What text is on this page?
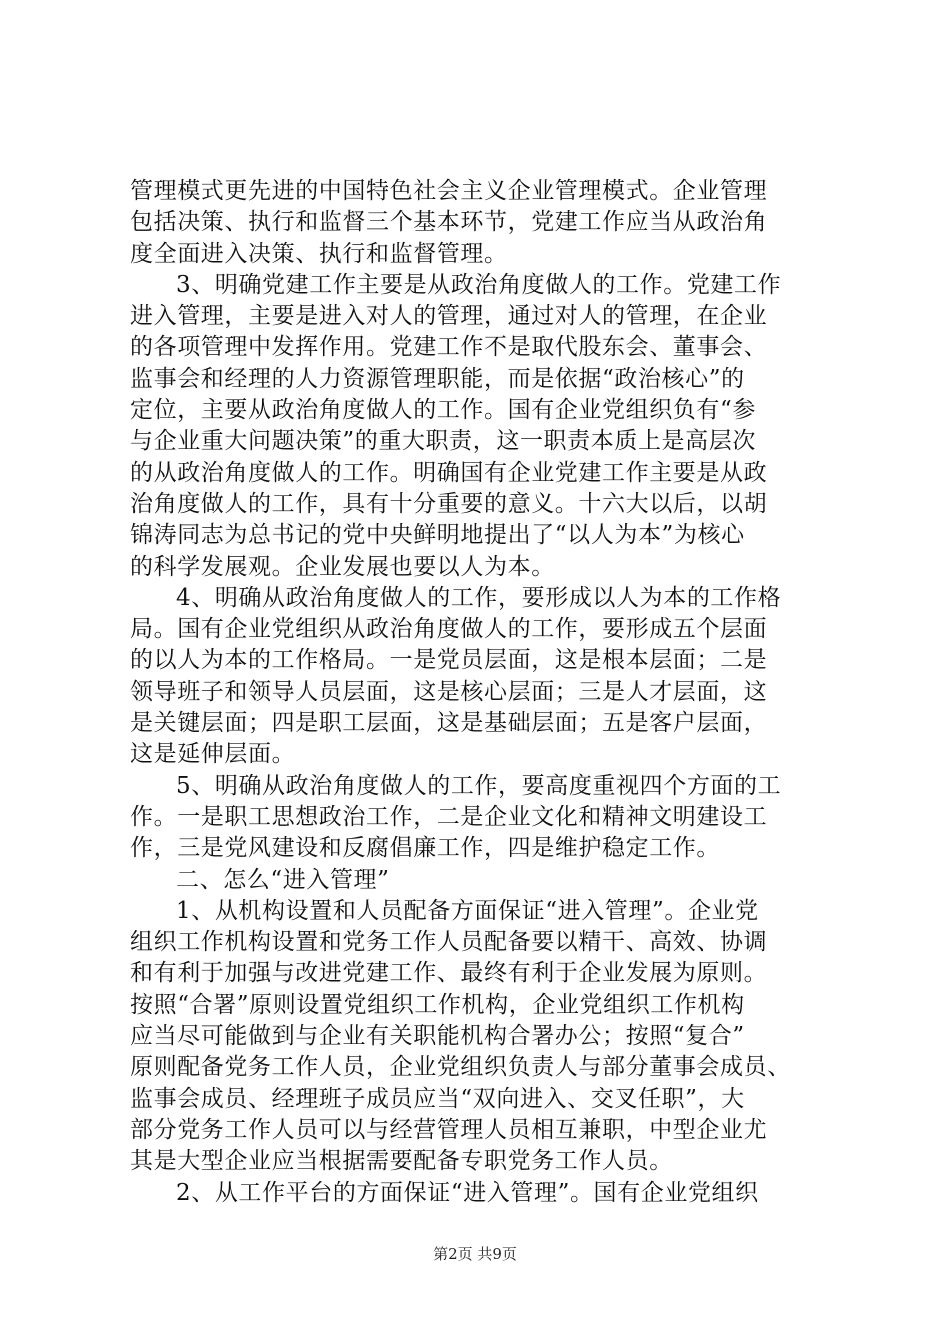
管理模式更先进的中国特色社会主义企业管理模式。企业管理
包括决策、执行和监督三个基本环节，党建工作应当从政治角
度全面进入决策、执行和监督管理。
3、明确党建工作主要是从政治角度做人的工作。党建工作
进入管理，主要是进入对人的管理，通过对人的管理，在企业
的各项管理中发挥作用。党建工作不是取代股东会、董事会、
监事会和经理的人力资源管理职能，而是依据“政治核心”的
定位，主要从政治角度做人的工作。国有企业党组织负有“参
与企业重大问题决策”的重大职责，这一职责本质上是高层次
的从政治角度做人的工作。明确国有企业党建工作主要是从政
治角度做人的工作，具有十分重要的意义。十六大以后，以胡
锦涛同志为总书记的党中央鲜明地提出了“以人为本”为核心
的科学发展观。企业发展也要以人为本。
4、明确从政治角度做人的工作，要形成以人为本的工作格
局。国有企业党组织从政治角度做人的工作，要形成五个层面
的以人为本的工作格局。一是党员层面，这是根本层面；二是
领导班子和领导人员层面，这是核心层面；三是人才层面，这
是关键层面；四是职工层面，这是基础层面；五是客户层面，
这是延伸层面。
5、明确从政治角度做人的工作，要高度重视四个方面的工
作。一是职工思想政治工作，二是企业文化和精神文明建设工
作，三是党风建设和反腐倡廉工作，四是维护稳定工作。
二、怎么“进入管理”
1、从机构设置和人员配备方面保证“进入管理”。企业党
组织工作机构设置和党务工作人员配备要以精干、高效、协调
和有利于加强与改进党建工作、最终有利于企业发展为原则。
按照“合署”原则设置党组织工作机构，企业党组织工作机构
应当尽可能做到与企业有关职能机构合署办公；按照“复合”
原则配备党务工作人员，企业党组织负责人与部分董事会成员、
监事会成员、经理班子成员应当“双向进入、交叉任职”，大
部分党务工作人员可以与经营管理人员相互兼职，中型企业尤
其是大型企业应当根据需要配备专职党务工作人员。
2、从工作平台的方面保证“进入管理”。国有企业党组织
第2页 共9页
